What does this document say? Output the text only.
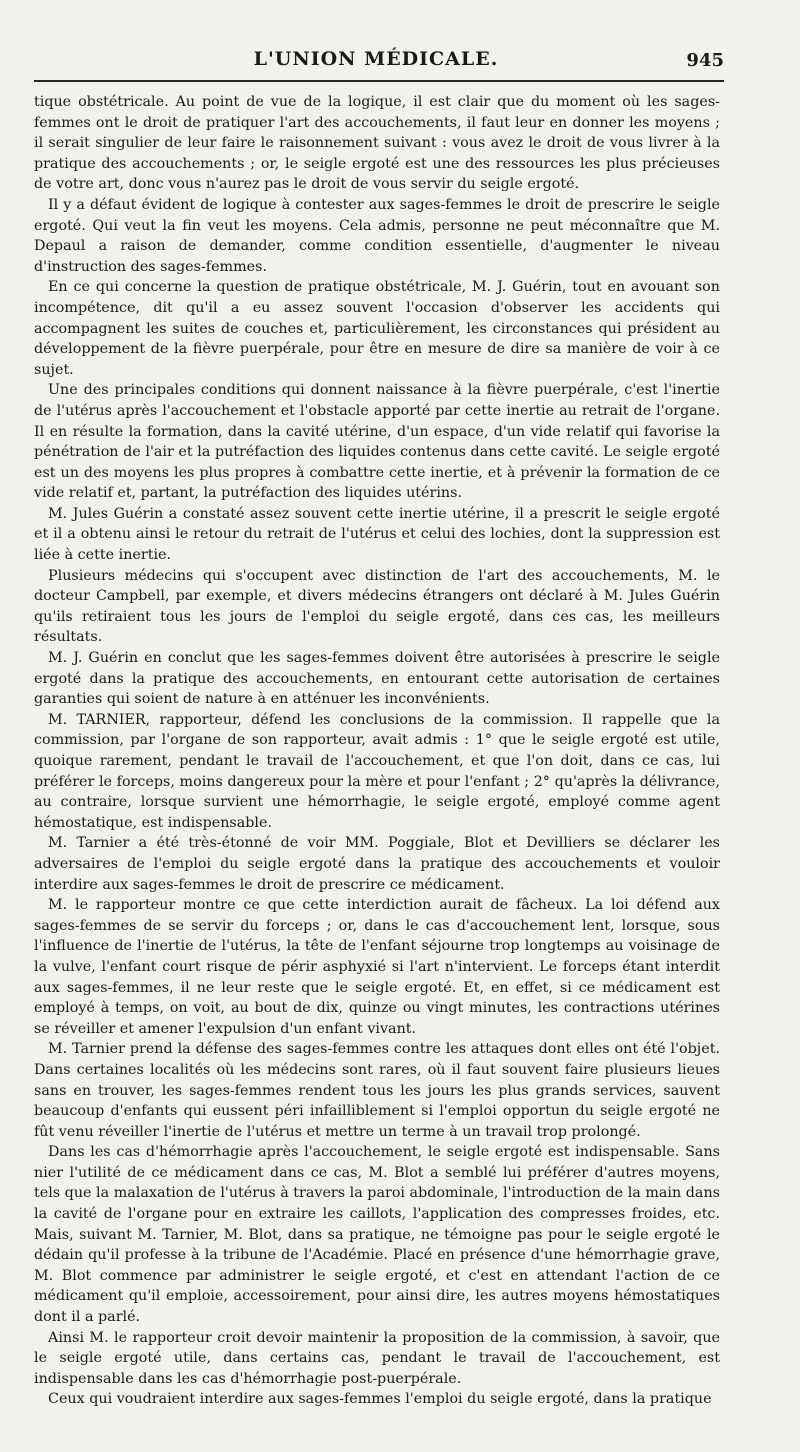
L'UNION MÉDICALE.	945

tique obstétricale. Au point de vue de la logique, il est clair que du moment où les sages-femmes ont le droit de pratiquer l'art des accouchements, il faut leur en donner les moyens ; il serait singulier de leur faire le raisonnement suivant : vous avez le droit de vous livrer à la pratique des accouchements ; or, le seigle ergoté est une des ressources les plus précieuses de votre art, donc vous n'aurez pas le droit de vous servir du seigle ergoté.

Il y a défaut évident de logique à contester aux sages-femmes le droit de prescrire le seigle ergoté. Qui veut la fin veut les moyens. Cela admis, personne ne peut méconnaître que M. Depaul a raison de demander, comme condition essentielle, d'augmenter le niveau d'instruction des sages-femmes.

En ce qui concerne la question de pratique obstétricale, M. J. Guérin, tout en avouant son incompétence, dit qu'il a eu assez souvent l'occasion d'observer les accidents qui accompagnent les suites de couches et, particulièrement, les circonstances qui président au développement de la fièvre puerpérale, pour être en mesure de dire sa manière de voir à ce sujet.

Une des principales conditions qui donnent naissance à la fièvre puerpérale, c'est l'inertie de l'utérus après l'accouchement et l'obstacle apporté par cette inertie au retrait de l'organe. Il en résulte la formation, dans la cavité utérine, d'un espace, d'un vide relatif qui favorise la pénétration de l'air et la putréfaction des liquides contenus dans cette cavité. Le seigle ergoté est un des moyens les plus propres à combattre cette inertie, et à prévenir la formation de ce vide relatif et, partant, la putréfaction des liquides utérins.

M. Jules Guérin a constaté assez souvent cette inertie utérine, il a prescrit le seigle ergoté et il a obtenu ainsi le retour du retrait de l'utérus et celui des lochies, dont la suppression est liée à cette inertie.

Plusieurs médecins qui s'occupent avec distinction de l'art des accouchements, M. le docteur Campbell, par exemple, et divers médecins étrangers ont déclaré à M. Jules Guérin qu'ils retiraient tous les jours de l'emploi du seigle ergoté, dans ces cas, les meilleurs résultats.

M. J. Guérin en conclut que les sages-femmes doivent être autorisées à prescrire le seigle ergoté dans la pratique des accouchements, en entourant cette autorisation de certaines garanties qui soient de nature à en atténuer les inconvénients.

M. TARNIER, rapporteur, défend les conclusions de la commission. Il rappelle que la commission, par l'organe de son rapporteur, avait admis : 1° que le seigle ergoté est utile, quoique rarement, pendant le travail de l'accouchement, et que l'on doit, dans ce cas, lui préférer le forceps, moins dangereux pour la mère et pour l'enfant ; 2° qu'après la délivrance, au contraire, lorsque survient une hémorrhagie, le seigle ergoté, employé comme agent hémostatique, est indispensable.

M. Tarnier a été très-étonné de voir MM. Poggiale, Blot et Devilliers se déclarer les adversaires de l'emploi du seigle ergoté dans la pratique des accouchements et vouloir interdire aux sages-femmes le droit de prescrire ce médicament.

M. le rapporteur montre ce que cette interdiction aurait de fâcheux. La loi défend aux sages-femmes de se servir du forceps ; or, dans le cas d'accouchement lent, lorsque, sous l'influence de l'inertie de l'utérus, la tête de l'enfant séjourne trop longtemps au voisinage de la vulve, l'enfant court risque de périr asphyxié si l'art n'intervient. Le forceps étant interdit aux sages-femmes, il ne leur reste que le seigle ergoté. Et, en effet, si ce médicament est employé à temps, on voit, au bout de dix, quinze ou vingt minutes, les contractions utérines se réveiller et amener l'expulsion d'un enfant vivant.

M. Tarnier prend la défense des sages-femmes contre les attaques dont elles ont été l'objet. Dans certaines localités où les médecins sont rares, où il faut souvent faire plusieurs lieues sans en trouver, les sages-femmes rendent tous les jours les plus grands services, sauvent beaucoup d'enfants qui eussent péri infailliblement si l'emploi opportun du seigle ergoté ne fût venu réveiller l'inertie de l'utérus et mettre un terme à un travail trop prolongé.

Dans les cas d'hémorrhagie après l'accouchement, le seigle ergoté est indispensable. Sans nier l'utilité de ce médicament dans ce cas, M. Blot a semblé lui préférer d'autres moyens, tels que la malaxation de l'utérus à travers la paroi abdominale, l'introduction de la main dans la cavité de l'organe pour en extraire les caillots, l'application des compresses froides, etc. Mais, suivant M. Tarnier, M. Blot, dans sa pratique, ne témoigne pas pour le seigle ergoté le dédain qu'il professe à la tribune de l'Académie. Placé en présence d'une hémorrhagie grave, M. Blot commence par administrer le seigle ergoté, et c'est en attendant l'action de ce médicament qu'il emploie, accessoirement, pour ainsi dire, les autres moyens hémostatiques dont il a parlé.

Ainsi M. le rapporteur croit devoir maintenir la proposition de la commission, à savoir, que le seigle ergoté utile, dans certains cas, pendant le travail de l'accouchement, est indispensable dans les cas d'hémorrhagie post-puerpérale.

Ceux qui voudraient interdire aux sages-femmes l'emploi du seigle ergoté, dans la pratique
